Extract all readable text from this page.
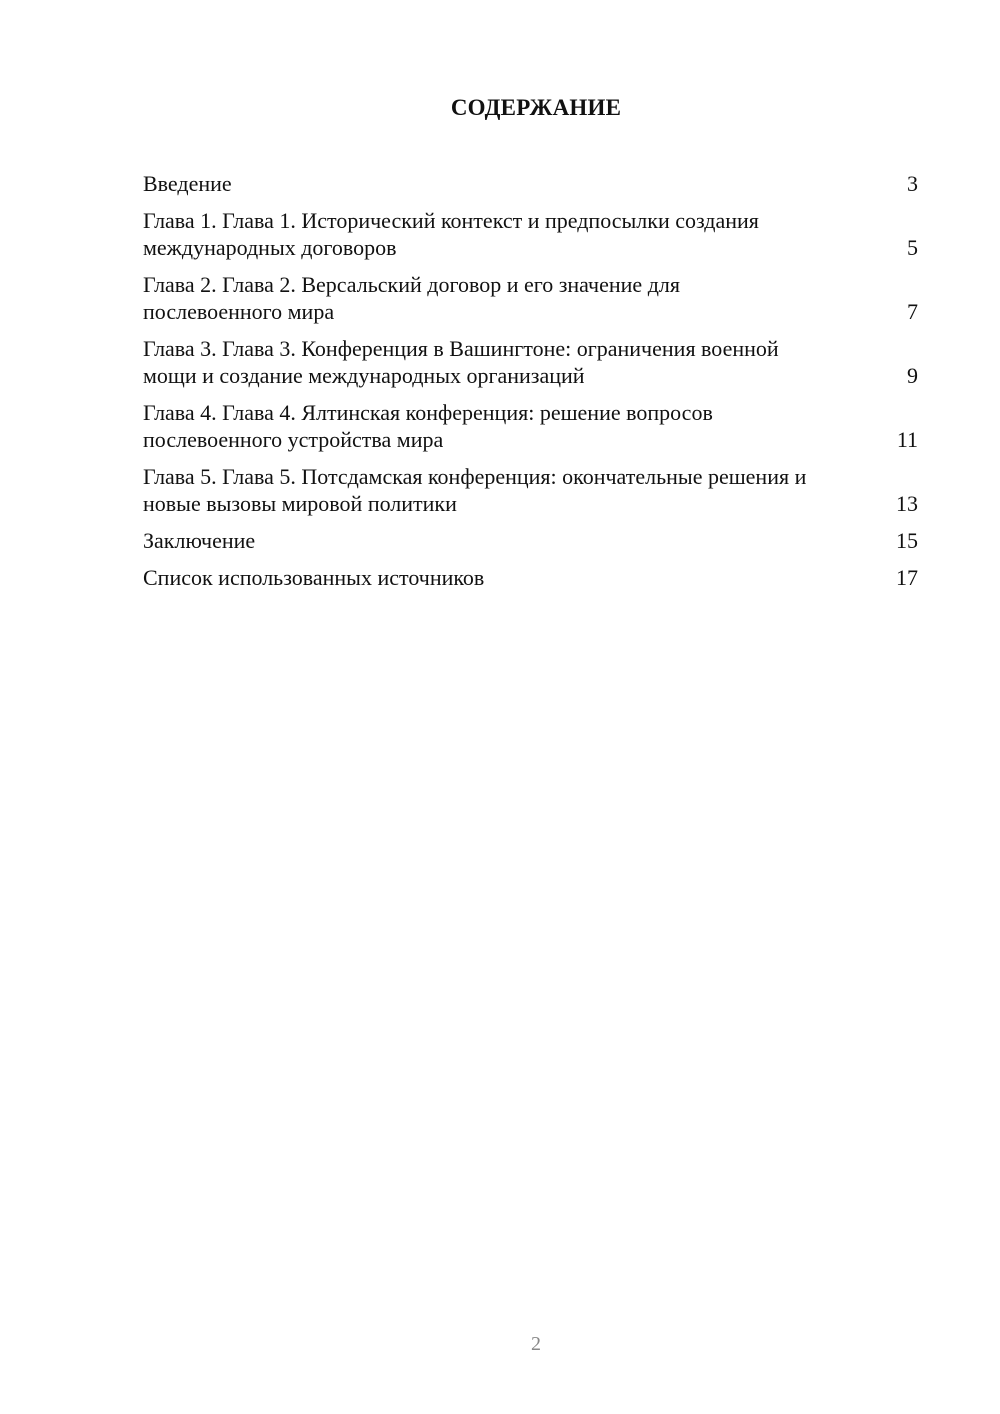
СОДЕРЖАНИЕ
Введение	3
Глава 1. Глава 1. Исторический контекст и предпосылки создания международных договоров	5
Глава 2. Глава 2. Версальский договор и его значение для послевоенного мира	7
Глава 3. Глава 3. Конференция в Вашингтоне: ограничения военной мощи и создание международных организаций	9
Глава 4. Глава 4. Ялтинская конференция: решение вопросов послевоенного устройства мира	11
Глава 5. Глава 5. Потсдамская конференция: окончательные решения и новые вызовы мировой политики	13
Заключение	15
Список использованных источников	17
2
